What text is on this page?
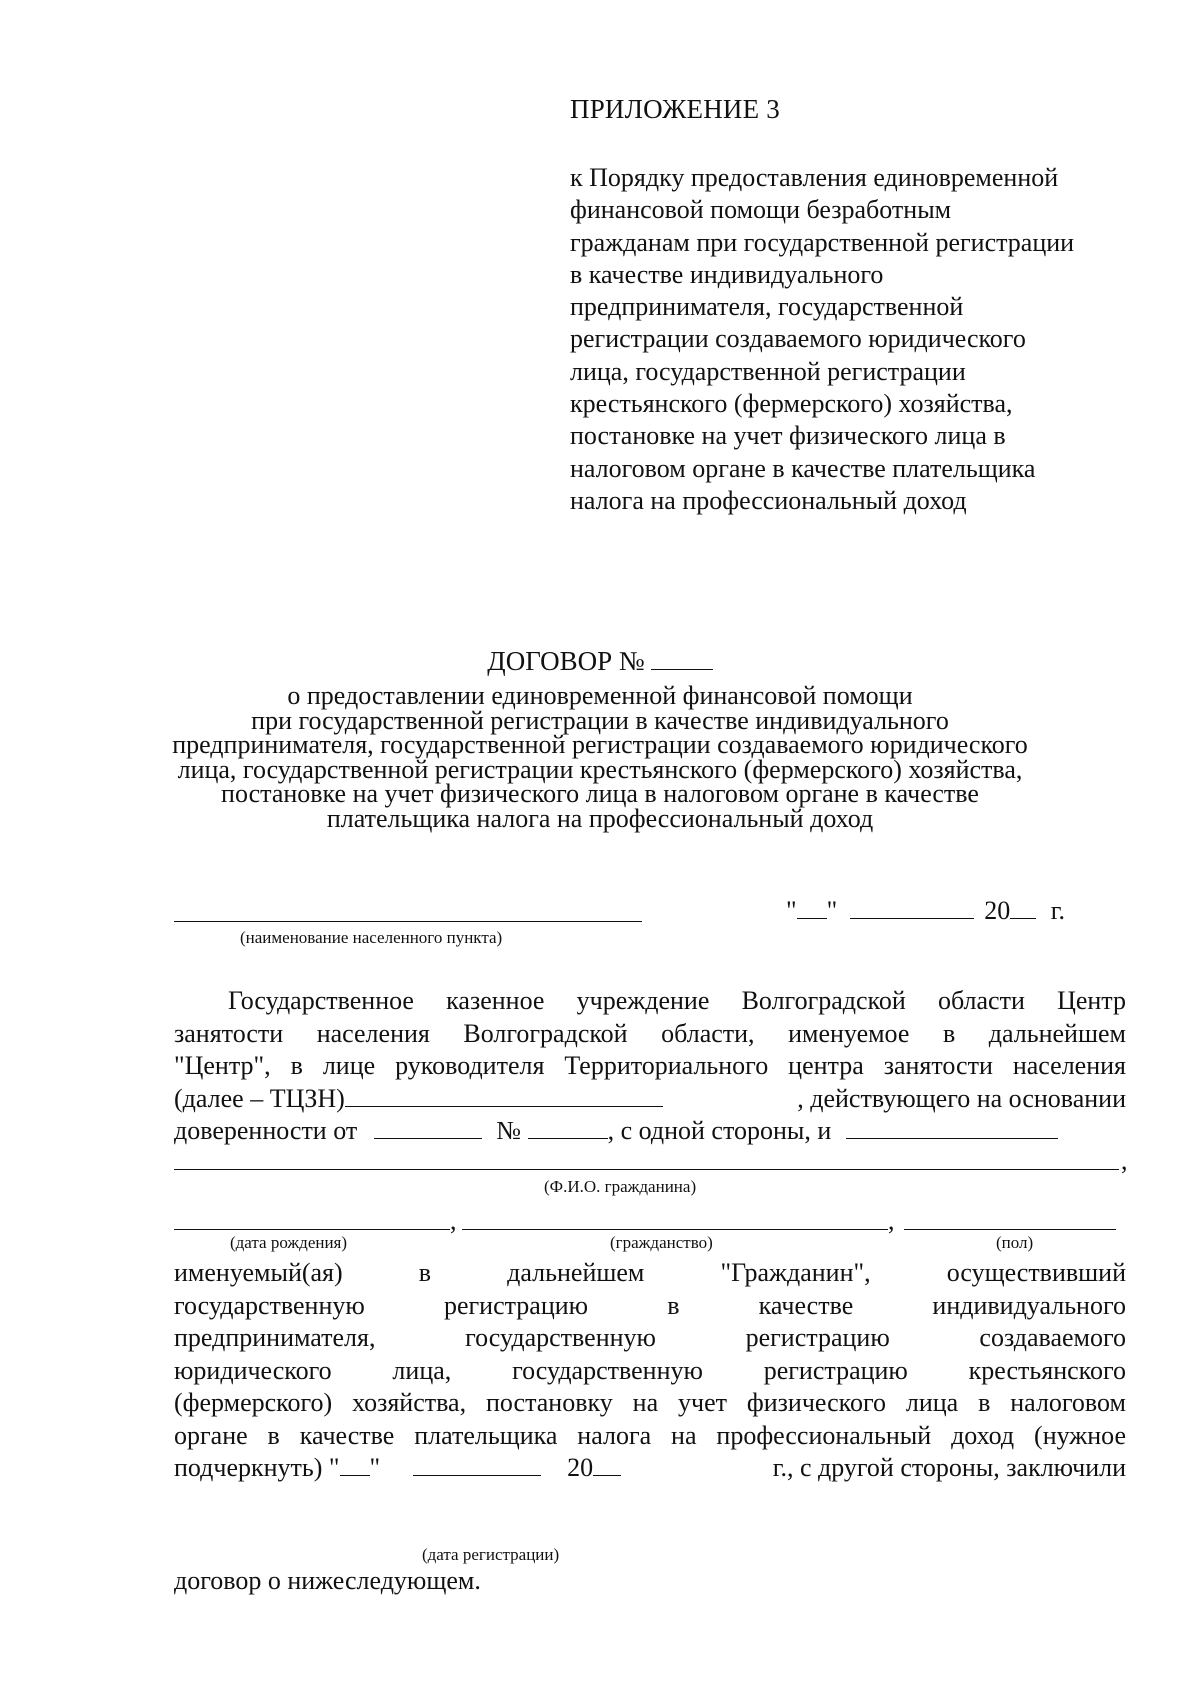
ПРИЛОЖЕНИЕ 3
к Порядку предоставления единовременной
финансовой помощи безработным
гражданам при государственной регистрации
в качестве индивидуального
предпринимателя, государственной
регистрации создаваемого юридического
лица, государственной регистрации
крестьянского (фермерского) хозяйства,
постановке на учет физического лица в
налоговом органе в качестве плательщика
налога на профессиональный доход
ДОГОВОР №
о предоставлении единовременной финансовой помощи
при государственной регистрации в качестве индивидуального
предпринимателя, государственной регистрации создаваемого юридического
лица, государственной регистрации крестьянского (фермерского) хозяйства,
постановке на учет физического лица в налоговом органе в качестве
плательщика налога на профессиональный доход
(наименование населенного пункта)
" "	20 г.
Государственное казенное учреждение Волгоградской области Центр
занятости населения Волгоградской области, именуемое в дальнейшем
"Центр", в лице руководителя Территориального центра занятости населения
(далее – ТЦЗН)	, действующего на основании
доверенности от	№	, с одной стороны, и
,
(Ф.И.О. гражданина)
,	,
(дата рождения)	(гражданство)	(пол)
именуемый(ая) в дальнейшем "Гражданин", осуществивший
государственную регистрацию в качестве индивидуального
предпринимателя, государственную регистрацию создаваемого
юридического лица, государственную регистрацию крестьянского
(фермерского) хозяйства, постановку на учет физического лица в налоговом
органе в качестве плательщика налога на профессиональный доход (нужное
подчеркнуть) " "	20	г., с другой стороны, заключили
(дата регистрации)
договор о нижеследующем.
